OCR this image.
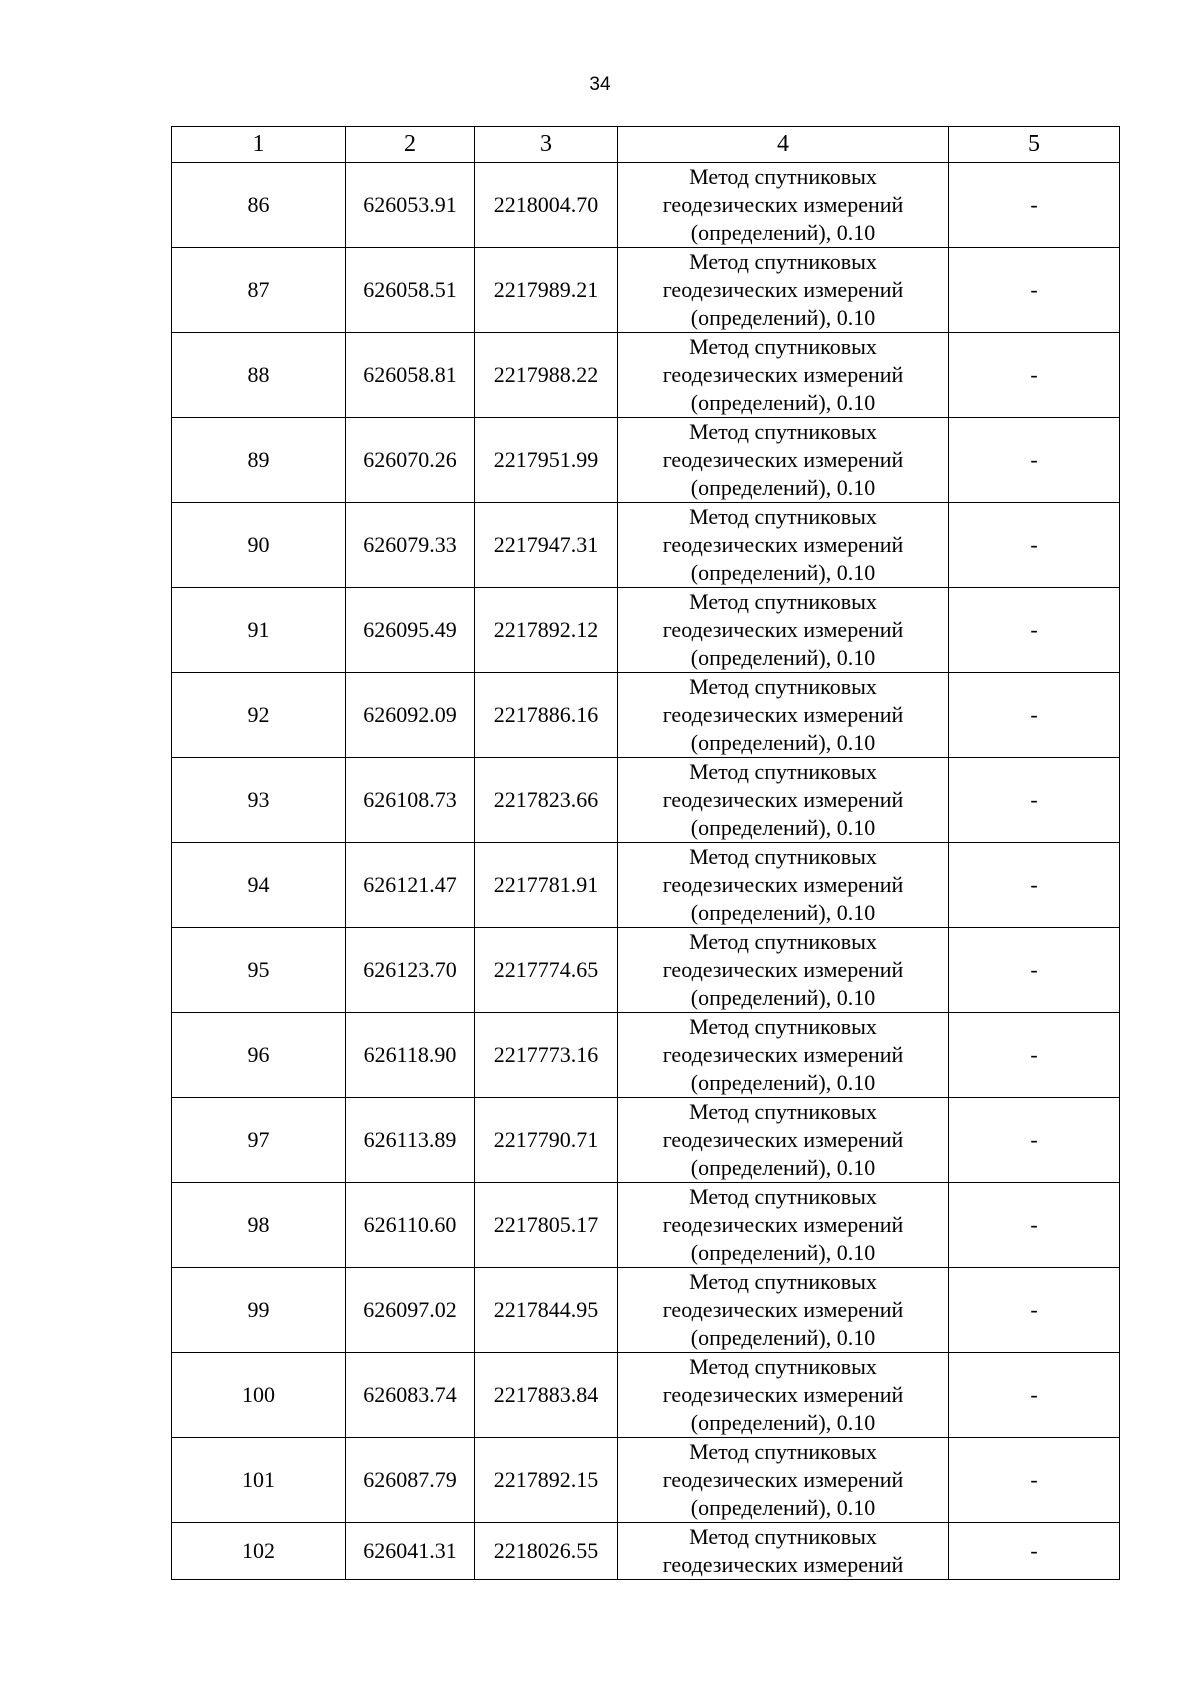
34
1	2	3	4	5
86	626053.91	2218004.70	Метод спутниковых
геодезических измерений
(определений), 0.10	-
87	626058.51	2217989.21	Метод спутниковых
геодезических измерений
(определений), 0.10	-
88	626058.81	2217988.22	Метод спутниковых
геодезических измерений
(определений), 0.10	-
89	626070.26	2217951.99	Метод спутниковых
геодезических измерений
(определений), 0.10	-
90	626079.33	2217947.31	Метод спутниковых
геодезических измерений
(определений), 0.10	-
91	626095.49	2217892.12	Метод спутниковых
геодезических измерений
(определений), 0.10	-
92	626092.09	2217886.16	Метод спутниковых
геодезических измерений
(определений), 0.10	-
93	626108.73	2217823.66	Метод спутниковых
геодезических измерений
(определений), 0.10	-
94	626121.47	2217781.91	Метод спутниковых
геодезических измерений
(определений), 0.10	-
95	626123.70	2217774.65	Метод спутниковых
геодезических измерений
(определений), 0.10	-
96	626118.90	2217773.16	Метод спутниковых
геодезических измерений
(определений), 0.10	-
97	626113.89	2217790.71	Метод спутниковых
геодезических измерений
(определений), 0.10	-
98	626110.60	2217805.17	Метод спутниковых
геодезических измерений
(определений), 0.10	-
99	626097.02	2217844.95	Метод спутниковых
геодезических измерений
(определений), 0.10	-
100	626083.74	2217883.84	Метод спутниковых
геодезических измерений
(определений), 0.10	-
101	626087.79	2217892.15	Метод спутниковых
геодезических измерений
(определений), 0.10	-
102	626041.31	2218026.55	Метод спутниковых
геодезических измерений	-
